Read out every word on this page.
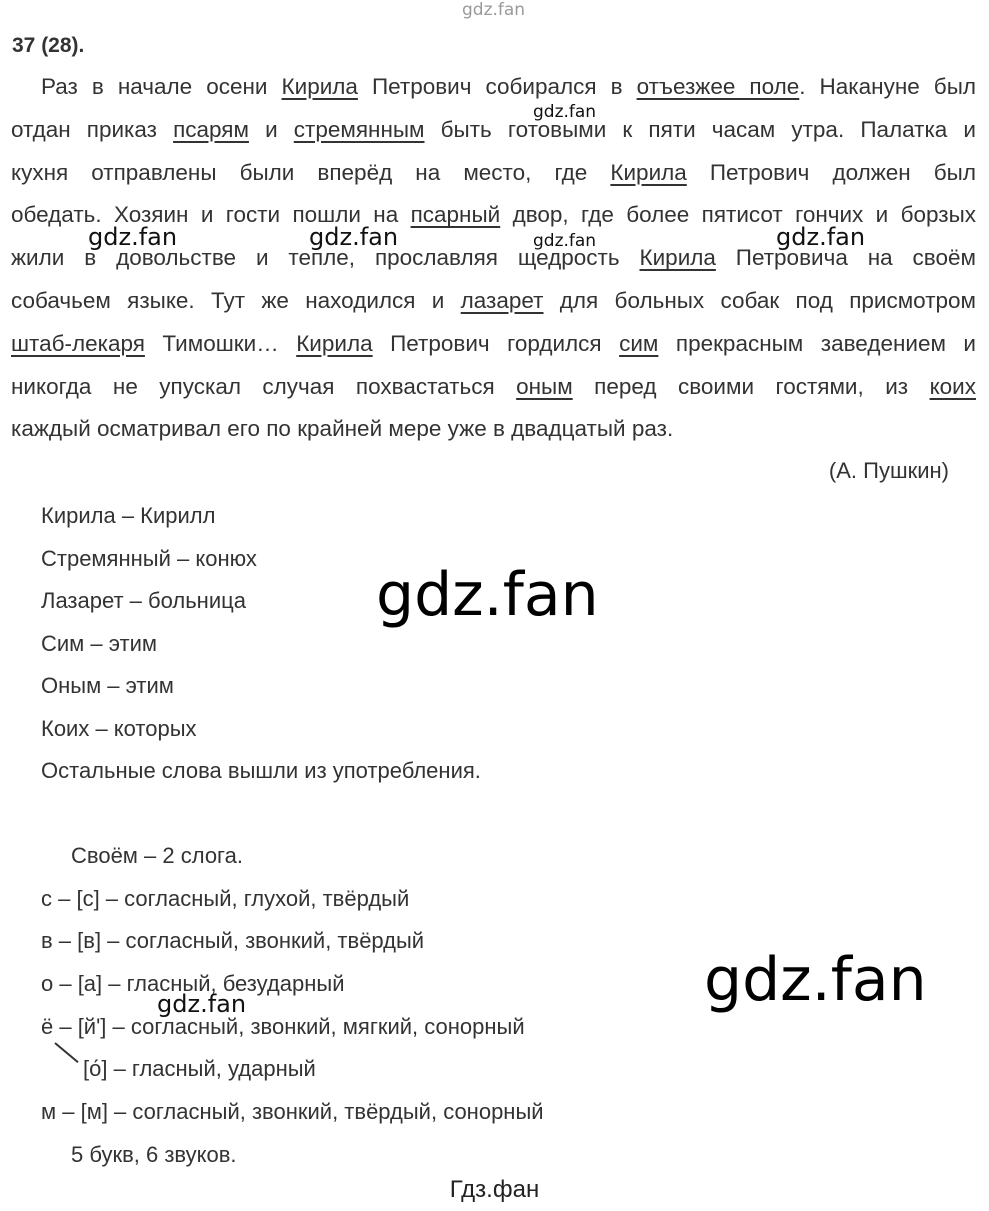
gdz.fan
37 (28).
Раз в начале осени Кирила Петрович собирался в отъезжее поле. Накануне был
отдан приказ псарям и стремянным быть готовыми к пяти часам утра. Палатка и
кухня отправлены были вперёд на место, где Кирила Петрович должен был
обедать. Хозяин и гости пошли на псарный двор, где более пятисот гончих и борзых
жили в довольстве и тепле, прославляя щедрость Кирила Петровича на своём
собачьем языке. Тут же находился и лазарет для больных собак под присмотром
штаб-лекаря Тимошки… Кирила Петрович гордился сим прекрасным заведением и
никогда не упускал случая похвастаться оным перед своими гостями, из коих
каждый осматривал его по крайней мере уже в двадцатый раз.
(А. Пушкин)
Кирила – Кирилл
Стремянный – конюх
Лазарет – больница
Сим – этим
Оным – этим
Коих – которых
Остальные слова вышли из употребления.
Своём – 2 слога.
с – [с] – согласный, глухой, твёрдый
в – [в] – согласный, звонкий, твёрдый
о – [а] – гласный, безударный
ё – [й'] – согласный, звонкий, мягкий, сонорный
[о́] – гласный, ударный
м – [м] – согласный, звонкий, твёрдый, сонорный
5 букв, 6 звуков.
gdz.fan
gdz.fan	gdz.fan	gdz.fan	gdz.fan
gdz.fan
gdz.fan
gdz.fan
Гдз.фан
